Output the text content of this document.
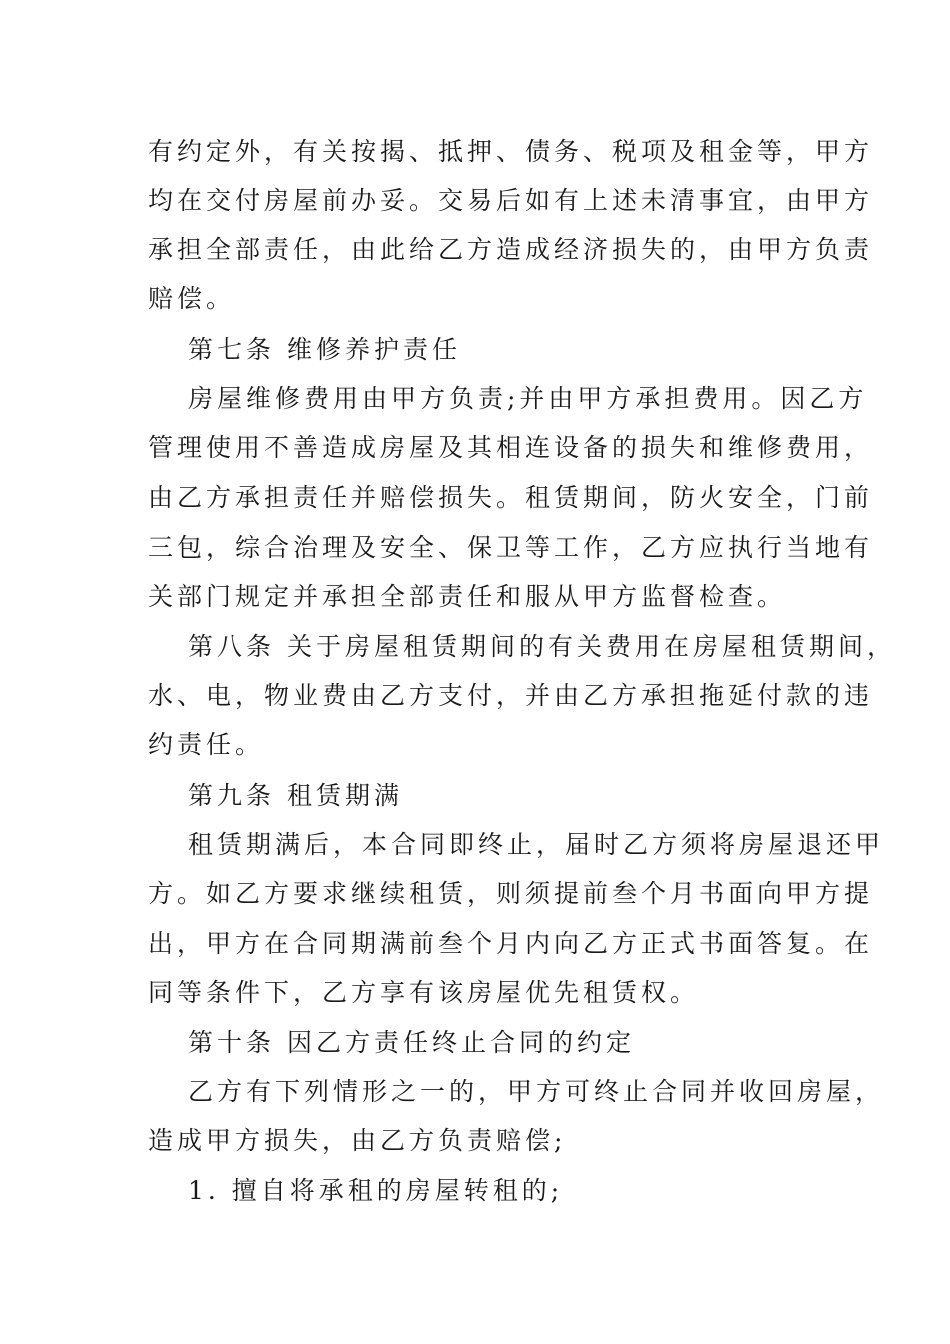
有约定外，有关按揭、抵押、债务、税项及租金等，甲方
均在交付房屋前办妥。交易后如有上述未清事宜，由甲方
承担全部责任，由此给乙方造成经济损失的，由甲方负责
赔偿。
第七条 维修养护责任
房屋维修费用由甲方负责;并由甲方承担费用。因乙方
管理使用不善造成房屋及其相连设备的损失和维修费用，
由乙方承担责任并赔偿损失。租赁期间，防火安全，门前
三包，综合治理及安全、保卫等工作，乙方应执行当地有
关部门规定并承担全部责任和服从甲方监督检查。
第八条 关于房屋租赁期间的有关费用在房屋租赁期间，
水、电，物业费由乙方支付，并由乙方承担拖延付款的违
约责任。
第九条 租赁期满
租赁期满后，本合同即终止，届时乙方须将房屋退还甲
方。如乙方要求继续租赁，则须提前叁个月书面向甲方提
出，甲方在合同期满前叁个月内向乙方正式书面答复。在
同等条件下，乙方享有该房屋优先租赁权。
第十条 因乙方责任终止合同的约定
乙方有下列情形之一的，甲方可终止合同并收回房屋，
造成甲方损失，由乙方负责赔偿;
1. 擅自将承租的房屋转租的;
